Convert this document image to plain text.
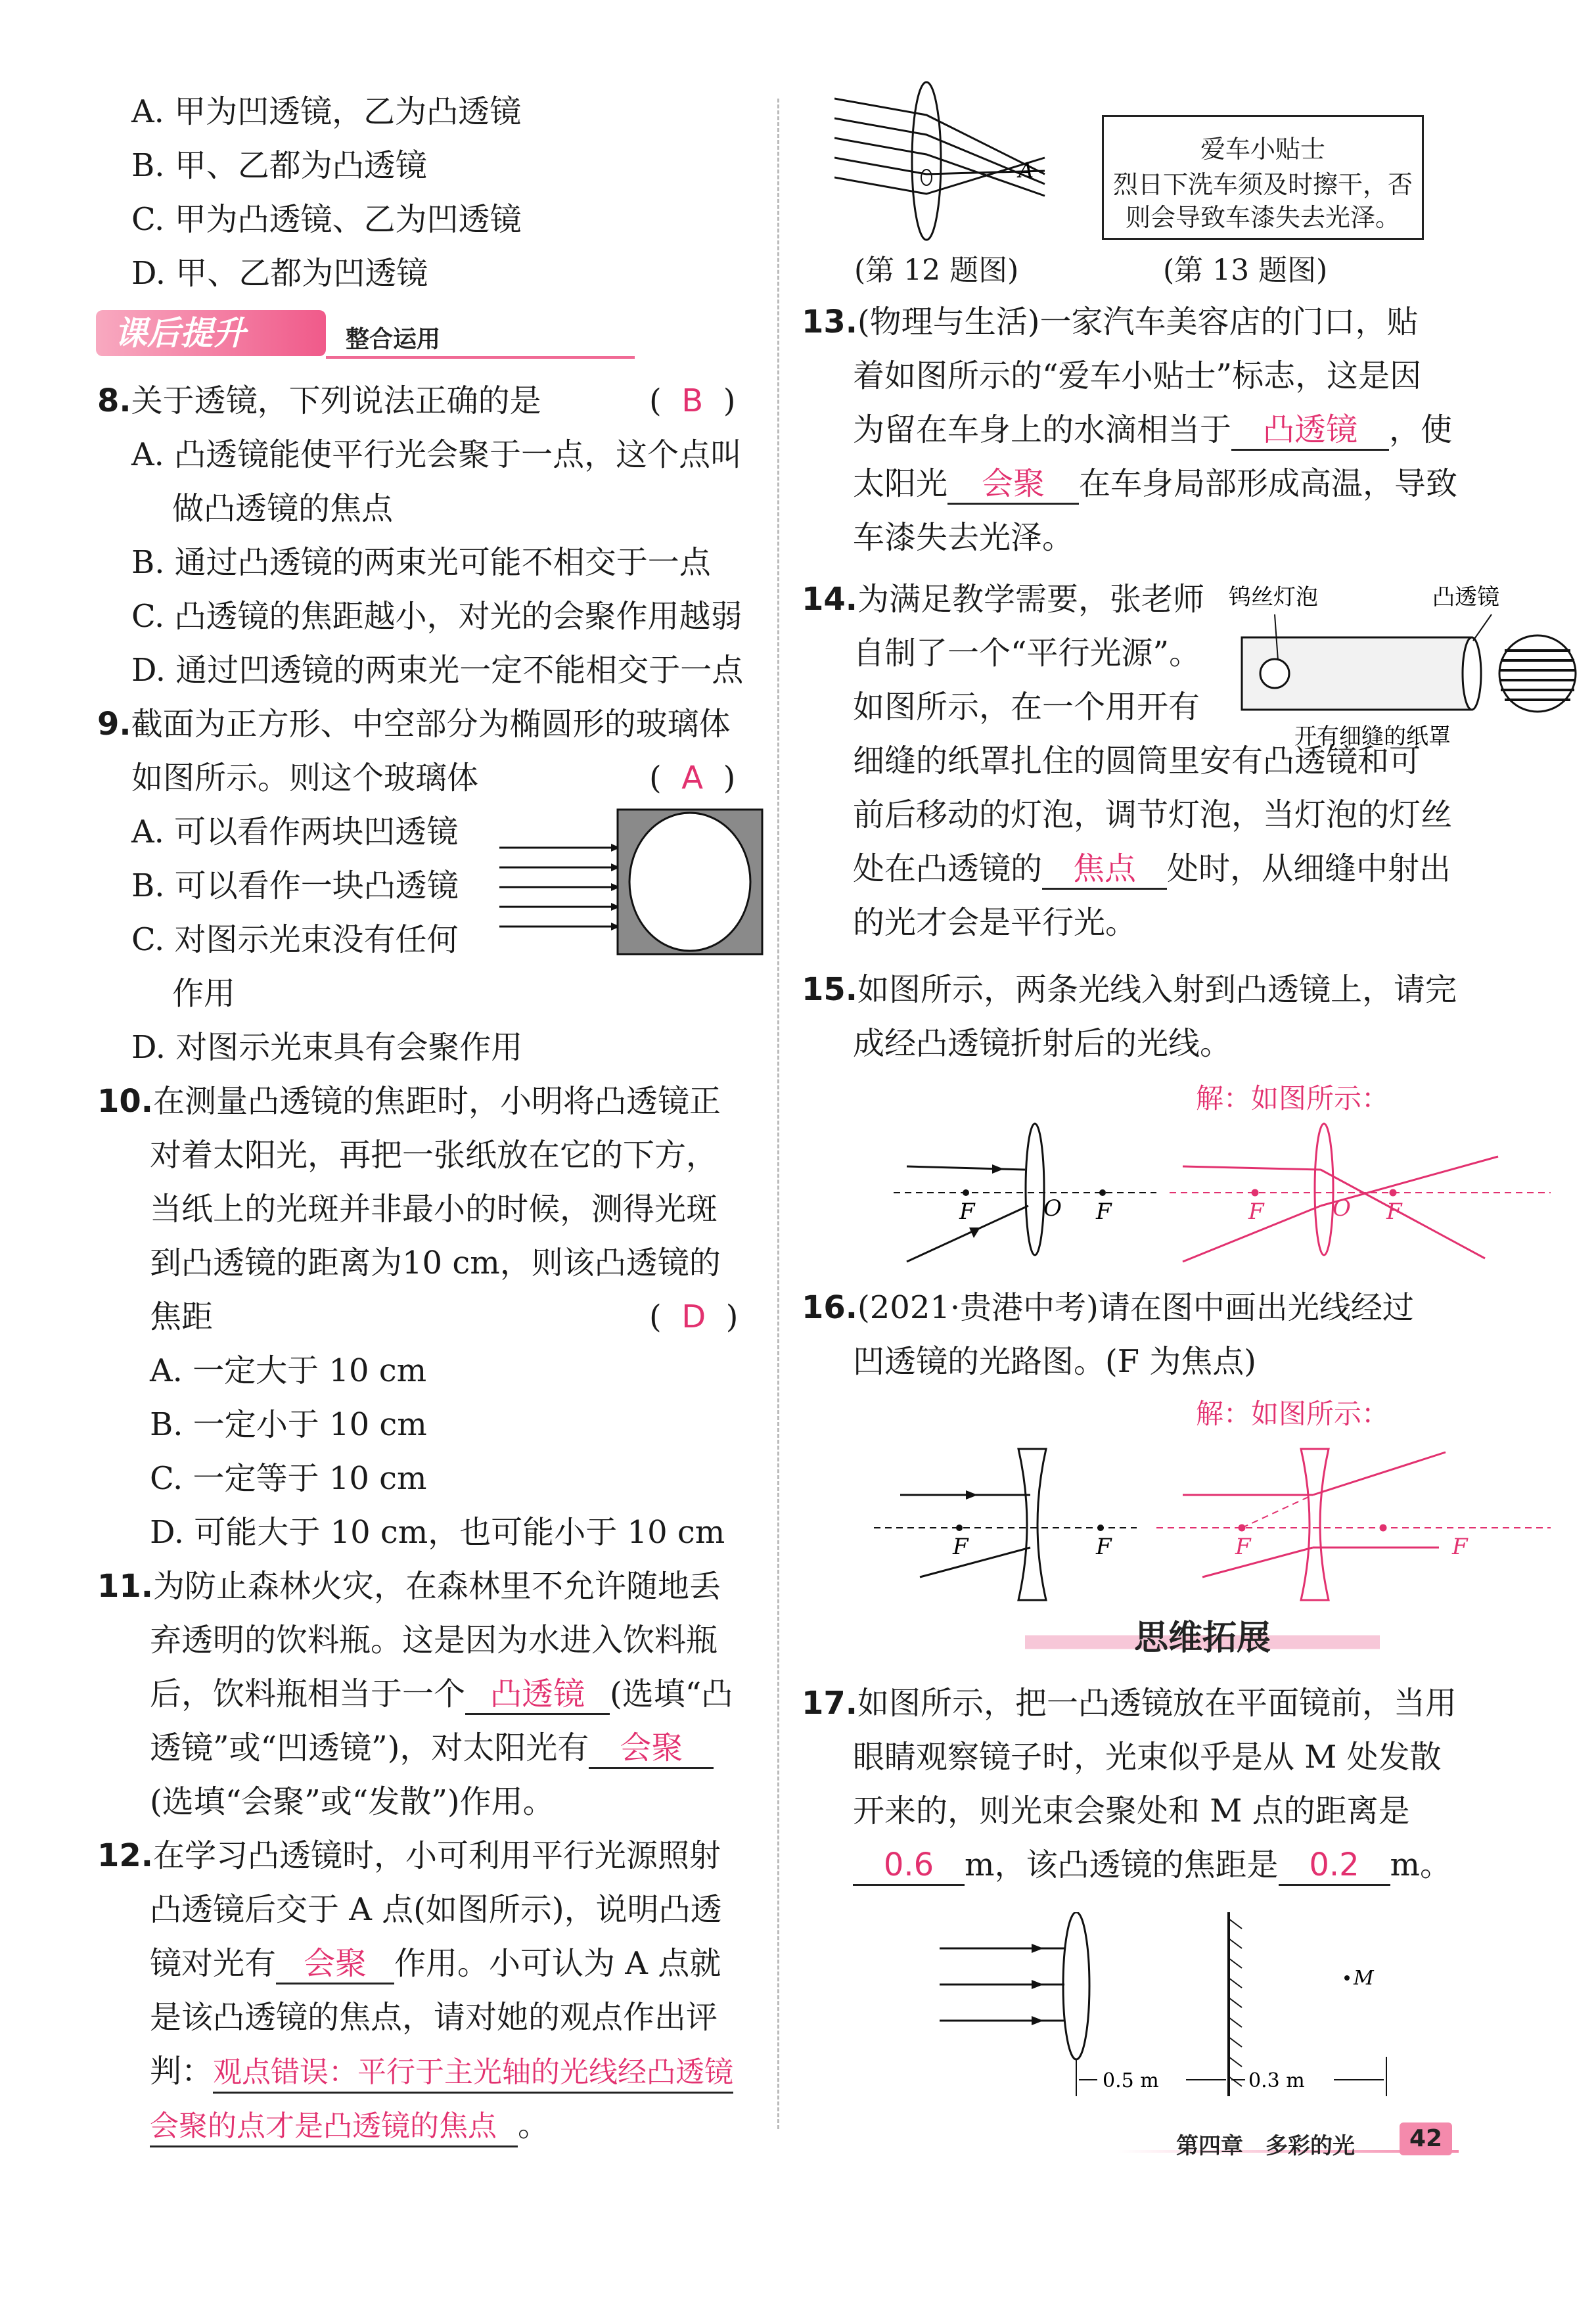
A. 甲为凹透镜，乙为凸透镜
B. 甲、乙都为凸透镜
C. 甲为凸透镜、乙为凹透镜
D. 甲、乙都为凹透镜
课后提升	整合运用
8.关于透镜，下列说法正确的是	(  B  )
A. 凸透镜能使平行光会聚于一点，这个点叫
做凸透镜的焦点
B. 通过凸透镜的两束光可能不相交于一点
C. 凸透镜的焦距越小，对光的会聚作用越弱
D. 通过凹透镜的两束光一定不能相交于一点
9.截面为正方形、中空部分为椭圆形的玻璃体
如图所示。则这个玻璃体	(  A  )
A. 可以看作两块凹透镜
B. 可以看作一块凸透镜
C. 对图示光束没有任何
作用
D. 对图示光束具有会聚作用
10.在测量凸透镜的焦距时，小明将凸透镜正
对着太阳光，再把一张纸放在它的下方，
当纸上的光斑并非最小的时候，测得光斑
到凸透镜的距离为10 cm，则该凸透镜的
焦距	(  D  )
A. 一定大于 10 cm
B. 一定小于 10 cm
C. 一定等于 10 cm
D. 可能大于 10 cm，也可能小于 10 cm
11.为防止森林火灾，在森林里不允许随地丢
弃透明的饮料瓶。这是因为水进入饮料瓶
后，饮料瓶相当于一个 凸透镜 (选填“凸
透镜”或“凹透镜”)，对太阳光有 会聚
(选填“会聚”或“发散”)作用。
12.在学习凸透镜时，小可利用平行光源照射
凸透镜后交于 A 点(如图所示)，说明凸透
镜对光有 会聚 作用。小可认为 A 点就
是该凸透镜的焦点，请对她的观点作出评
判：观点错误：平行于主光轴的光线经凸透镜
会聚的点才是凸透镜的焦点 。
A
(第 12 题图)
爱车小贴士
烈日下洗车须及时擦干，否
则会导致车漆失去光泽。
(第 13 题图)
13.(物理与生活)一家汽车美容店的门口，贴
着如图所示的“爱车小贴士”标志，这是因
为留在车身上的水滴相当于 凸透镜 ，使
太阳光 会聚 在车身局部形成高温，导致
车漆失去光泽。
14.为满足教学需要，张老师
自制了一个“平行光源”。
如图所示，在一个用开有
钨丝灯泡	凸透镜
开有细缝的纸罩
细缝的纸罩扎住的圆筒里安有凸透镜和可
前后移动的灯泡，调节灯泡，当灯泡的灯丝
处在凸透镜的 焦点 处时，从细缝中射出
的光才会是平行光。
15.如图所示，两条光线入射到凸透镜上，请完
成经凸透镜折射后的光线。
解：如图所示：
F	O F	F	O F
16.(2021·贵港中考)请在图中画出光线经过
凹透镜的光路图。(F 为焦点)
解：如图所示：
F	F	F	F
思维拓展
17.如图所示，把一凸透镜放在平面镜前，当用
眼睛观察镜子时，光束似乎是从 M 处发散
开来的，则光束会聚处和 M 点的距离是
0.6 m，该凸透镜的焦距是 0.2 m。
M
0.5 m	0.3 m
第四章　多彩的光	42
